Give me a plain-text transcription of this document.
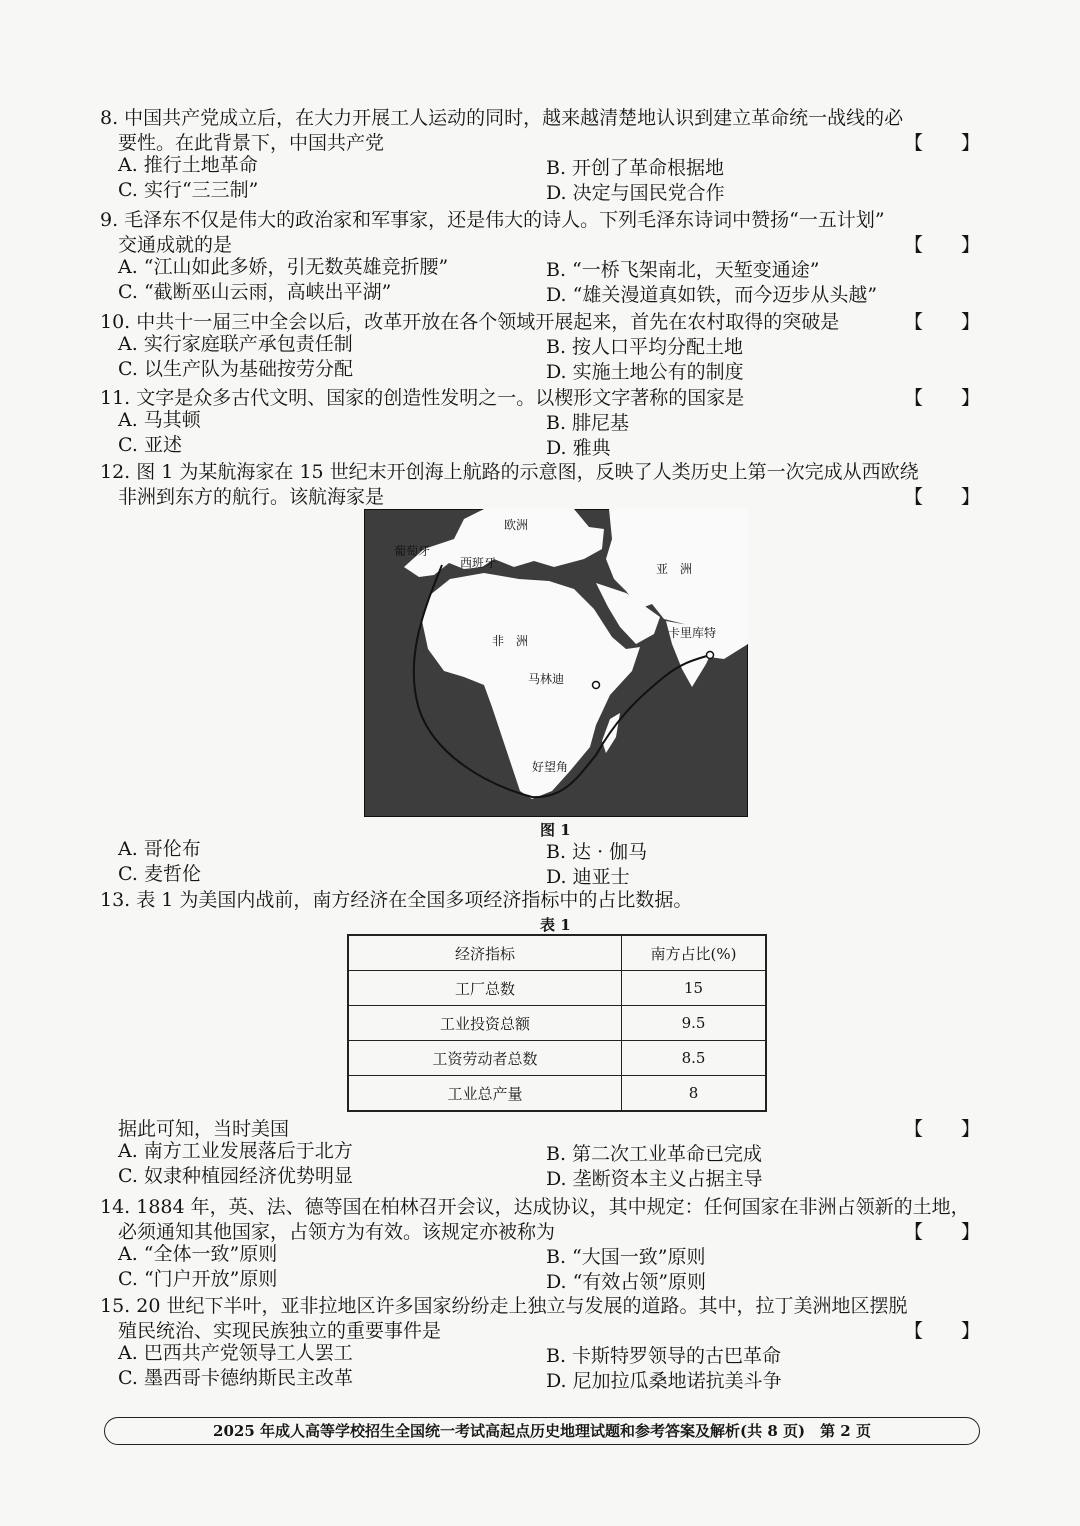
8. 中国共产党成立后，在大力开展工人运动的同时，越来越清楚地认识到建立革命统一战线的必
要性。在此背景下，中国共产党	【　　】
A. 推行土地革命	B. 开创了革命根据地
C. 实行“三三制”	D. 决定与国民党合作
9. 毛泽东不仅是伟大的政治家和军事家，还是伟大的诗人。下列毛泽东诗词中赞扬“一五计划”
交通成就的是	【　　】
A. “江山如此多娇，引无数英雄竞折腰”	B. “一桥飞架南北，天堑变通途”
C. “截断巫山云雨，高峡出平湖”	D. “雄关漫道真如铁，而今迈步从头越”
10. 中共十一届三中全会以后，改革开放在各个领域开展起来，首先在农村取得的突破是	【　　】
A. 实行家庭联产承包责任制	B. 按人口平均分配土地
C. 以生产队为基础按劳分配	D. 实施土地公有的制度
11. 文字是众多古代文明、国家的创造性发明之一。以楔形文字著称的国家是	【　　】
A. 马其顿	B. 腓尼基
C. 亚述	D. 雅典
12. 图 1 为某航海家在 15 世纪末开创海上航路的示意图，反映了人类历史上第一次完成从西欧绕
非洲到东方的航行。该航海家是	【　　】
欧洲
葡萄牙
西班牙	亚　洲
非　洲
卡里库特
马林迪
好望角
图 1
A. 哥伦布	B. 达 · 伽马
C. 麦哲伦	D. 迪亚士
13. 表 1 为美国内战前，南方经济在全国多项经济指标中的占比数据。
表 1
经济指标	南方占比(%)
工厂总数	15
工业投资总额	9.5
工资劳动者总数	8.5
工业总产量	8
据此可知，当时美国	【　　】
A. 南方工业发展落后于北方	B. 第二次工业革命已完成
C. 奴隶种植园经济优势明显	D. 垄断资本主义占据主导
14. 1884 年，英、法、德等国在柏林召开会议，达成协议，其中规定：任何国家在非洲占领新的土地，
必须通知其他国家，占领方为有效。该规定亦被称为	【　　】
A. “全体一致”原则	B. “大国一致”原则
C. “门户开放”原则	D. “有效占领”原则
15. 20 世纪下半叶，亚非拉地区许多国家纷纷走上独立与发展的道路。其中，拉丁美洲地区摆脱
殖民统治、实现民族独立的重要事件是	【　　】
A. 巴西共产党领导工人罢工	B. 卡斯特罗领导的古巴革命
C. 墨西哥卡德纳斯民主改革	D. 尼加拉瓜桑地诺抗美斗争
2025 年成人高等学校招生全国统一考试高起点历史地理试题和参考答案及解析(共 8 页)　第 2 页
